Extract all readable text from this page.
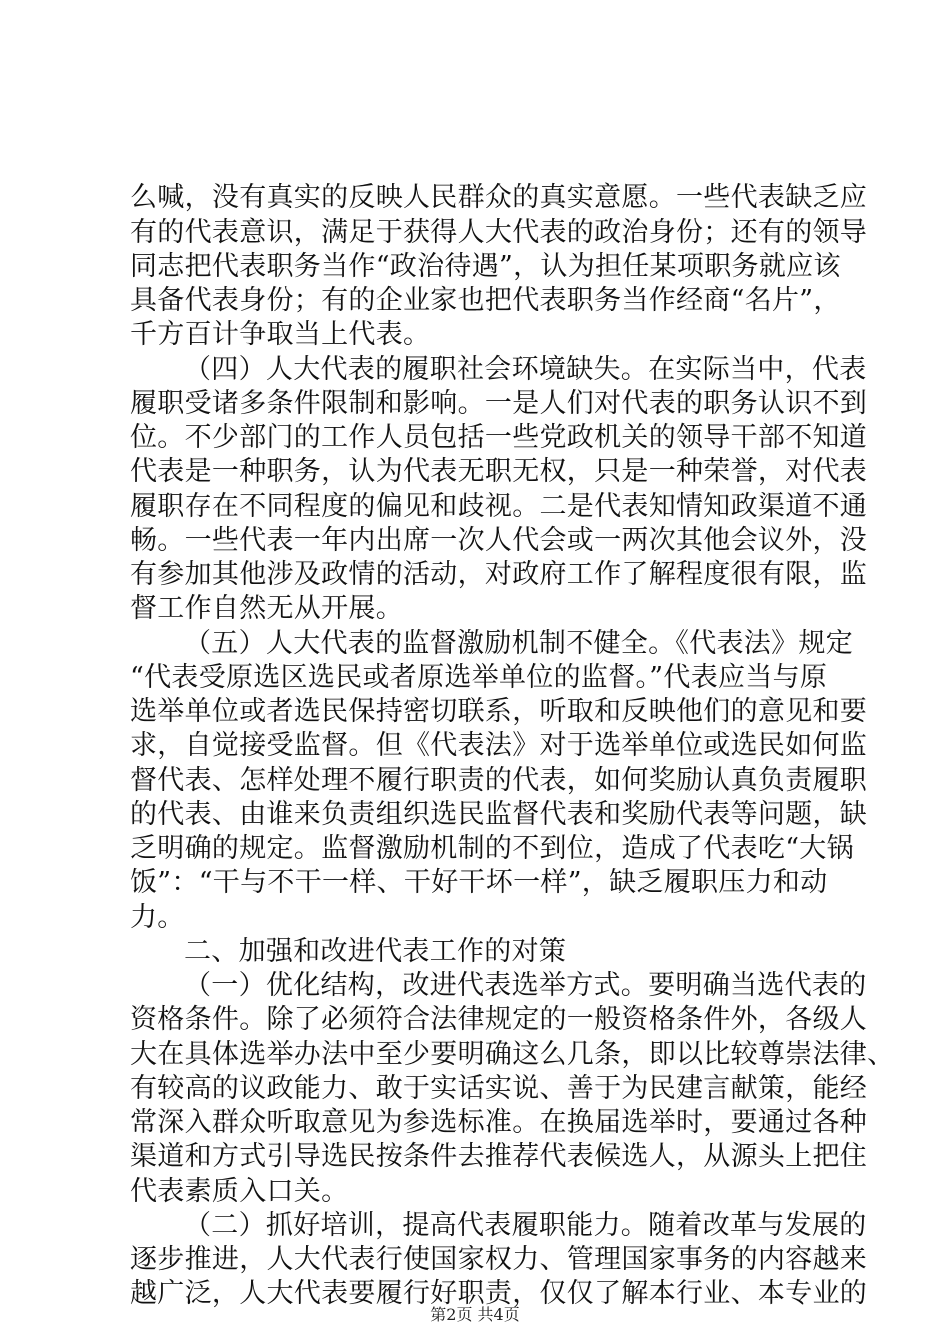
么喊，没有真实的反映人民群众的真实意愿。一些代表缺乏应
有的代表意识，满足于获得人大代表的政治身份；还有的领导
同志把代表职务当作“政治待遇”，认为担任某项职务就应该
具备代表身份；有的企业家也把代表职务当作经商“名片”，
千方百计争取当上代表。
（四）人大代表的履职社会环境缺失。在实际当中，代表
履职受诸多条件限制和影响。一是人们对代表的职务认识不到
位。不少部门的工作人员包括一些党政机关的领导干部不知道
代表是一种职务，认为代表无职无权，只是一种荣誉，对代表
履职存在不同程度的偏见和歧视。二是代表知情知政渠道不通
畅。一些代表一年内出席一次人代会或一两次其他会议外，没
有参加其他涉及政情的活动，对政府工作了解程度很有限，监
督工作自然无从开展。
（五）人大代表的监督激励机制不健全。《代表法》规定
“代表受原选区选民或者原选举单位的监督。”代表应当与原
选举单位或者选民保持密切联系，听取和反映他们的意见和要
求，自觉接受监督。但《代表法》对于选举单位或选民如何监
督代表、怎样处理不履行职责的代表，如何奖励认真负责履职
的代表、由谁来负责组织选民监督代表和奖励代表等问题，缺
乏明确的规定。监督激励机制的不到位，造成了代表吃“大锅
饭”：“干与不干一样、干好干坏一样”，缺乏履职压力和动
力。
二、加强和改进代表工作的对策
（一）优化结构，改进代表选举方式。要明确当选代表的
资格条件。除了必须符合法律规定的一般资格条件外，各级人
大在具体选举办法中至少要明确这么几条，即以比较尊崇法律、
有较高的议政能力、敢于实话实说、善于为民建言献策，能经
常深入群众听取意见为参选标准。在换届选举时，要通过各种
渠道和方式引导选民按条件去推荐代表候选人，从源头上把住
代表素质入口关。
（二）抓好培训，提高代表履职能力。随着改革与发展的
逐步推进，人大代表行使国家权力、管理国家事务的内容越来
越广泛，人大代表要履行好职责，仅仅了解本行业、本专业的
第2页 共4页
